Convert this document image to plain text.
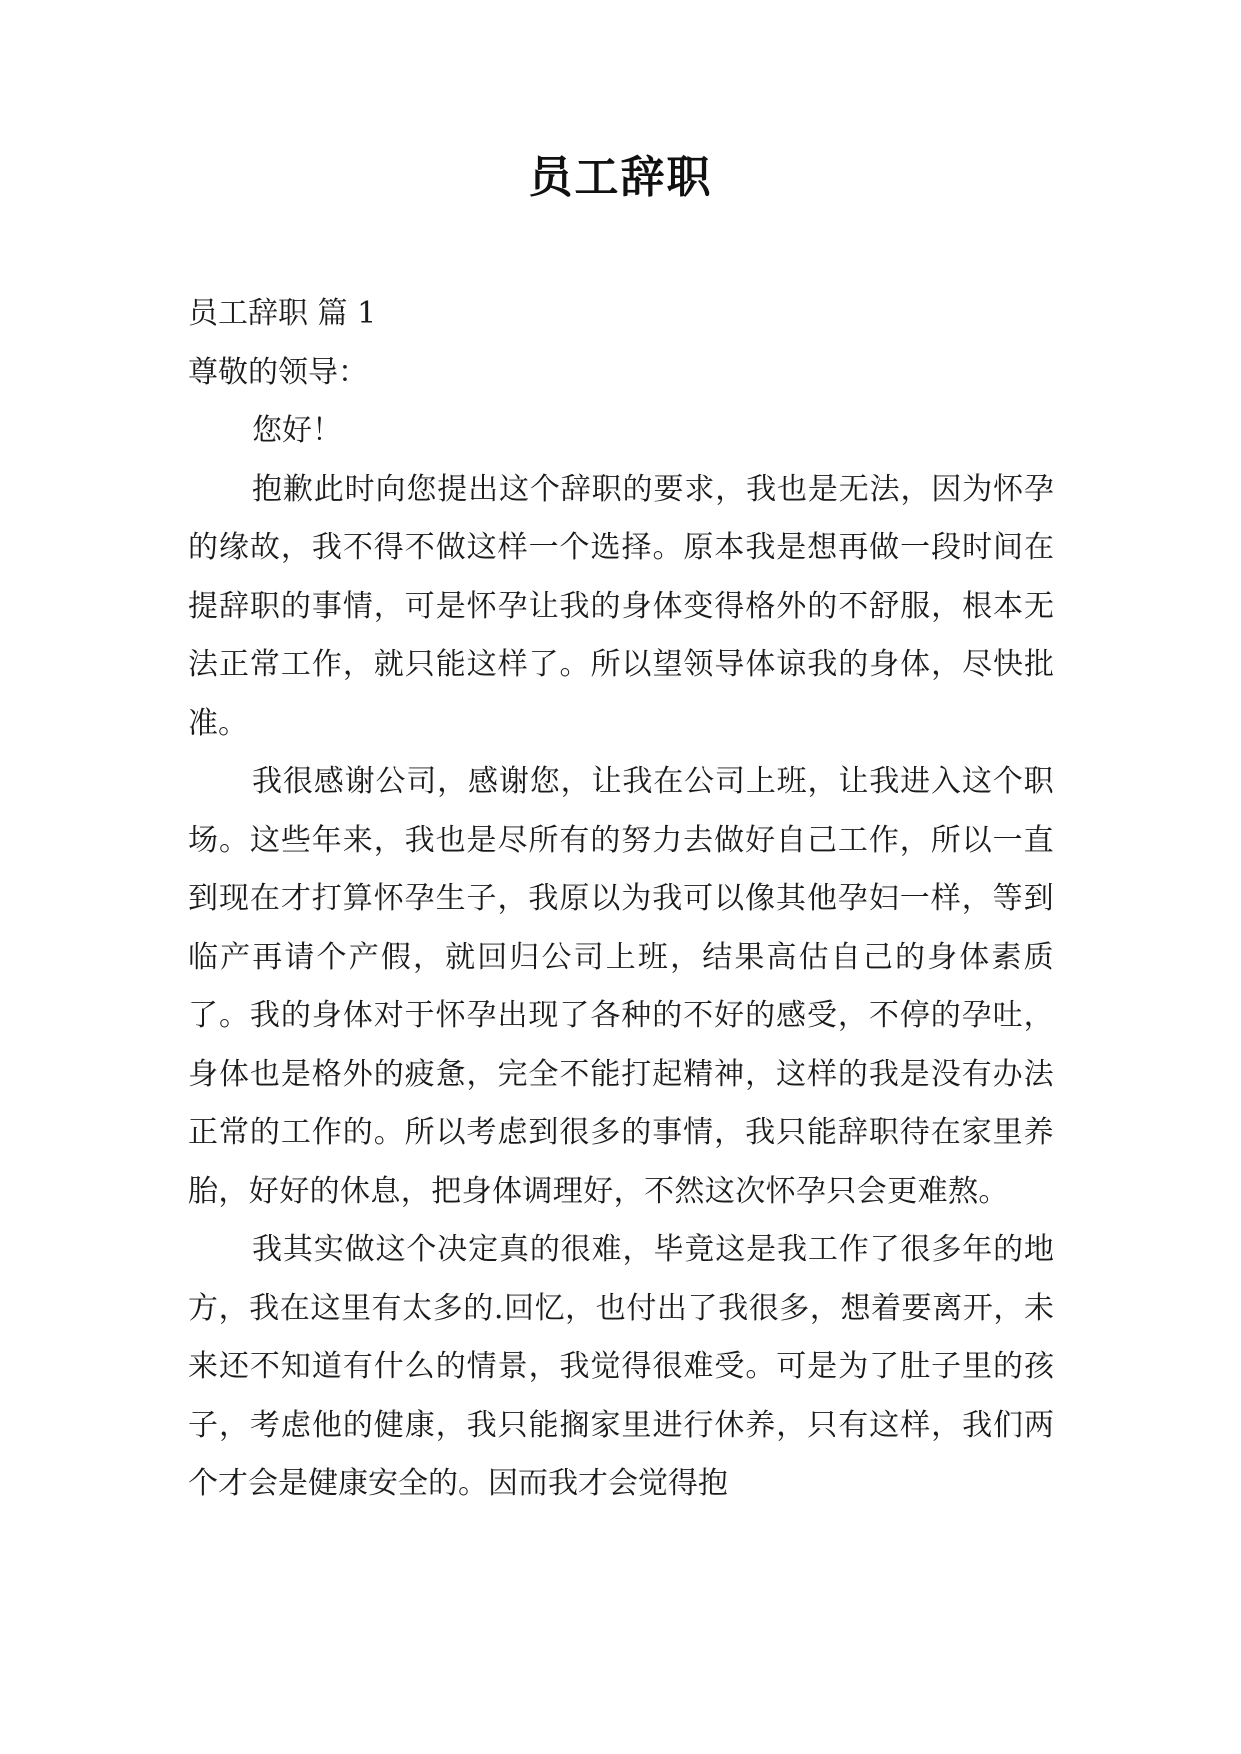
员工辞职

员工辞职 篇 1

尊敬的领导：

您好！

抱歉此时向您提出这个辞职的要求，我也是无法，因为怀孕的缘故，我不得不做这样一个选择。原本我是想再做一段时间在提辞职的事情，可是怀孕让我的身体变得格外的不舒服，根本无法正常工作，就只能这样了。所以望领导体谅我的身体，尽快批准。

我很感谢公司，感谢您，让我在公司上班，让我进入这个职场。这些年来，我也是尽所有的努力去做好自己工作，所以一直到现在才打算怀孕生子，我原以为我可以像其他孕妇一样，等到临产再请个产假，就回归公司上班，结果高估自己的身体素质了。我的身体对于怀孕出现了各种的不好的感受，不停的孕吐，身体也是格外的疲惫，完全不能打起精神，这样的我是没有办法正常的工作的。所以考虑到很多的事情，我只能辞职待在家里养胎，好好的休息，把身体调理好，不然这次怀孕只会更难熬。

我其实做这个决定真的很难，毕竟这是我工作了很多年的地方，我在这里有太多的.回忆，也付出了我很多，想着要离开，未来还不知道有什么的情景，我觉得很难受。可是为了肚子里的孩子，考虑他的健康，我只能搁家里进行休养，只有这样，我们两个才会是健康安全的。因而我才会觉得抱
